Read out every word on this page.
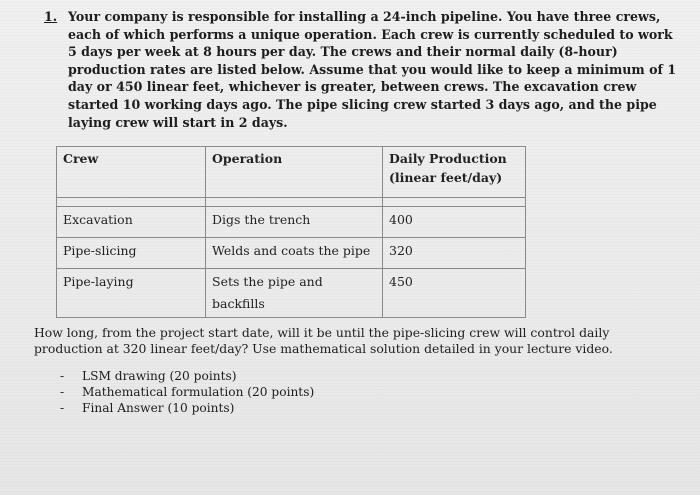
1. Your company is responsible for installing a 24-inch pipeline. You have three crews, each of which performs a unique operation. Each crew is currently scheduled to work 5 days per week at 8 hours per day. The crews and their normal daily (8-hour) production rates are listed below. Assume that you would like to keep a minimum of 1 day or 450 linear feet, whichever is greater, between crews. The excavation crew started 10 working days ago. The pipe slicing crew started 3 days ago, and the pipe laying crew will start in 2 days.
Crew	Operation	Daily Production (linear feet/day)

Excavation	Digs the trench	400
Pipe-slicing	Welds and coats the pipe	320
Pipe-laying	Sets the pipe and backfills	450
How long, from the project start date, will it be until the pipe-slicing crew will control daily production at 320 linear feet/day? Use mathematical solution detailed in your lecture video.
- LSM drawing (20 points)
- Mathematical formulation (20 points)
- Final Answer (10 points)
